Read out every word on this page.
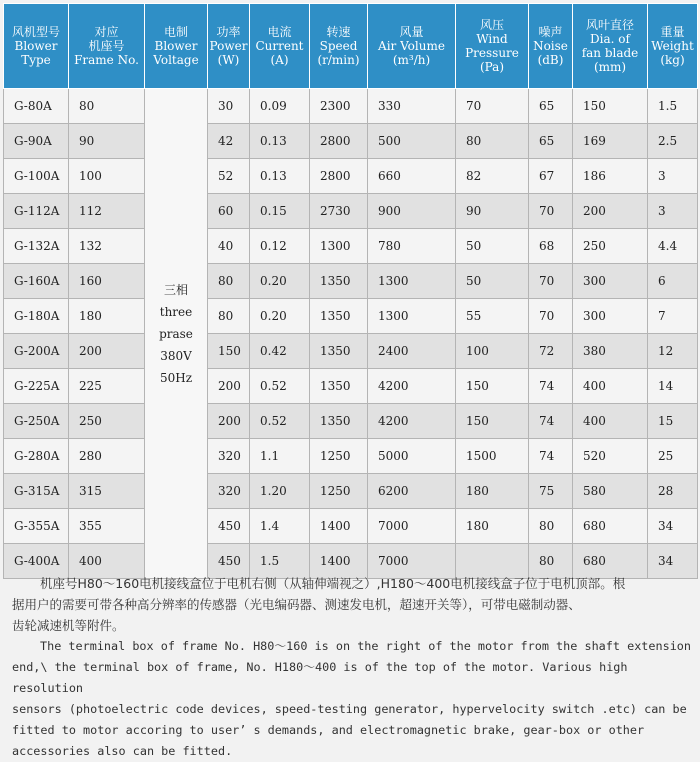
风机型号
Blower
Type	对应
机座号
Frame No.	电制
Blower
Voltage	功率
Power
(W)	电流
Current
(A)	转速
Speed
(r/min)	风量
Air Volume
(m³/h)	风压
Wind
Pressure
(Pa)	噪声
Noise
(dB)	风叶直径
Dia. of
fan blade
(mm)	重量
Weight
(kg)

G-80A	80	三相
three
prase
380V
50Hz	30	0.09	2300	330	70	65	150	1.5
G-90A	90		42	0.13	2800	500	80	65	169	2.5
G-100A	100		52	0.13	2800	660	82	67	186	3
G-112A	112		60	0.15	2730	900	90	70	200	3
G-132A	132		40	0.12	1300	780	50	68	250	4.4
G-160A	160		80	0.20	1350	1300	50	70	300	6
G-180A	180		80	0.20	1350	1300	55	70	300	7
G-200A	200		150	0.42	1350	2400	100	72	380	12
G-225A	225		200	0.52	1350	4200	150	74	400	14
G-250A	250		200	0.52	1350	4200	150	74	400	15
G-280A	280		320	1.1	1250	5000	1500	74	520	25
G-315A	315		320	1.20	1250	6200	180	75	580	28
G-355A	355		450	1.4	1400	7000	180	80	680	34
G-400A	400		450	1.5	1400	7000		80	680	34
机座号H80～160电机接线盒位于电机右侧（从轴伸端视之）,H180～400电机接线盒子位于电机顶部。根
据用户的需要可带各种高分辨率的传感器（光电编码器、测速发电机，超速开关等），可带电磁制动器、
齿轮减速机等附件。
The terminal box of frame No. H80～160 is on the right of the motor from the shaft extension
end,\ the terminal box of frame, No. H180～400 is of the top of the motor. Various high resolution
sensors (photoelectric code devices, speed-testing generator, hypervelocity switch .etc) can be
fitted to motor accoring to user’ s demands, and electromagnetic brake, gear-box or other
accessories also can be fitted.
